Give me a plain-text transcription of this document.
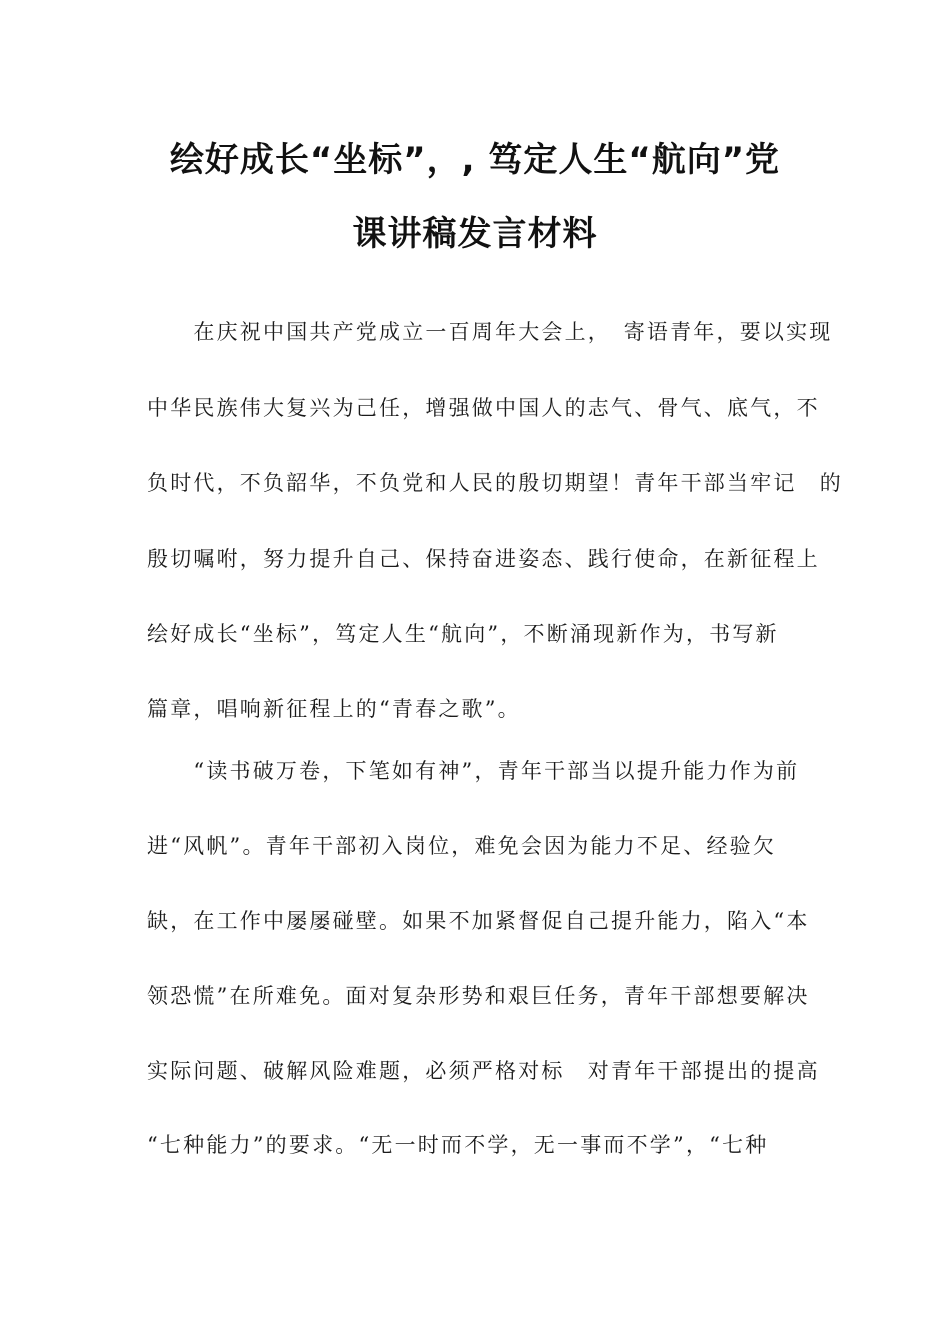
绘好成长“坐标”，, 笃定人生“航向”党
课讲稿发言材料
　　在庆祝中国共产党成立一百周年大会上，　寄语青年，要以实现
中华民族伟大复兴为己任，增强做中国人的志气、骨气、底气，不
负时代，不负韶华，不负党和人民的殷切期望！青年干部当牢记　的
殷切嘱咐，努力提升自己、保持奋进姿态、践行使命，在新征程上
绘好成长“坐标”，笃定人生“航向”，不断涌现新作为，书写新
篇章，唱响新征程上的“青春之歌”。
　　“读书破万卷，下笔如有神”，青年干部当以提升能力作为前
进“风帆”。青年干部初入岗位，难免会因为能力不足、经验欠
缺，在工作中屡屡碰壁。如果不加紧督促自己提升能力，陷入“本
领恐慌”在所难免。面对复杂形势和艰巨任务，青年干部想要解决
实际问题、破解风险难题，必须严格对标　对青年干部提出的提高
“七种能力”的要求。“无一时而不学，无一事而不学”，“七种
